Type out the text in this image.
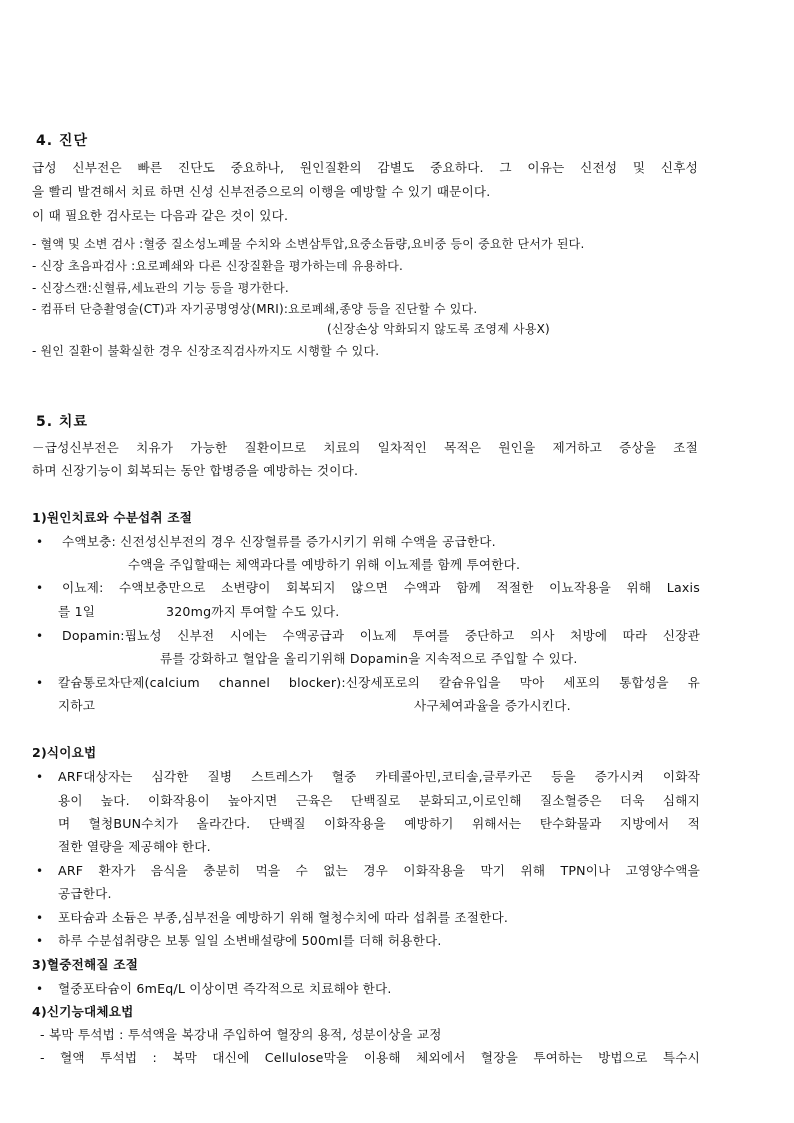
4. 진단
급성 신부전은 빠른 진단도 중요하나, 원인질환의 감별도 중요하다. 그 이유는 신전성 및 신후성
을 빨리 발견해서 치료 하면 신성 신부전증으로의 이행을 예방할 수 있기 때문이다.
이 때 필요한 검사로는 다음과 같은 것이 있다.
- 혈액 및 소변 검사 :혈중 질소성노폐물 수치와 소변삼투압,요중소듐량,요비중 등이 중요한 단서가 된다.
- 신장 초음파검사 :요로폐쇄와 다른 신장질환을 평가하는데 유용하다.
- 신장스캔:신혈류,세뇨관의 기능 등을 평가한다.
- 컴퓨터 단층촬영술(CT)과 자기공명영상(MRI):요로폐쇄,종양 등을 진단할 수 있다.
(신장손상 악화되지 않도록 조영제 사용X)
- 원인 질환이 불확실한 경우 신장조직검사까지도 시행할 수 있다.
5. 치료
－급성신부전은 치유가 가능한 질환이므로 치료의 일차적인 목적은 원인을 제거하고 증상을 조절
하며 신장기능이 회복되는 동안 합병증을 예방하는 것이다.
1)원인치료와 수분섭취 조절
• 수액보충: 신전성신부전의 경우 신장혈류를 증가시키기 위해 수액을 공급한다.
수액을 주입할때는 체액과다를 예방하기 위해 이뇨제를 함께 투여한다.
• 이뇨제: 수액보충만으로 소변량이 회복되지 않으면 수액과 함께 적절한 이뇨작용을 위해 Laxis
를 1일	320mg까지 투여할 수도 있다.
• Dopamin:핍뇨성 신부전 시에는 수액공급과 이뇨제 투여를 중단하고 의사 처방에 따라 신장관
류를 강화하고 혈압을 올리기위해 Dopamin을 지속적으로 주입할 수 있다.
• 칼슘통로차단제(calcium channel blocker):신장세포로의 칼슘유입을 막아 세포의 통합성을 유
지하고	사구체여과율을 증가시킨다.
2)식이요법
• ARF대상자는 심각한 질병 스트레스가 혈중 카테콜아민,코티솔,글루카곤 등을 증가시켜 이화작
용이 높다. 이화작용이 높아지면 근육은 단백질로 분화되고,이로인해 질소혈증은 더욱 심해지
며 혈청BUN수치가 올라간다. 단백질 이화작용을 예방하기 위해서는 탄수화물과 지방에서 적
절한 열량을 제공해야 한다.
• ARF 환자가 음식을 충분히 먹을 수 없는 경우 이화작용을 막기 위해 TPN이나 고영양수액을
공급한다.
• 포타슘과 소듐은 부종,심부전을 예방하기 위해 혈청수치에 따라 섭취를 조절한다.
• 하루 수분섭취량은 보통 일일 소변배설량에 500ml를 더해 허용한다.
3)혈중전해질 조절
• 혈중포타슘이 6mEq/L 이상이면 즉각적으로 치료해야 한다.
4)신기능대체요법
- 복막 투석법 : 투석액을 복강내 주입하여 혈장의 용적, 성분이상을 교정
- 혈액 투석법 : 복막 대신에 Cellulose막을 이용해 체외에서 혈장을 투여하는 방법으로 특수시
